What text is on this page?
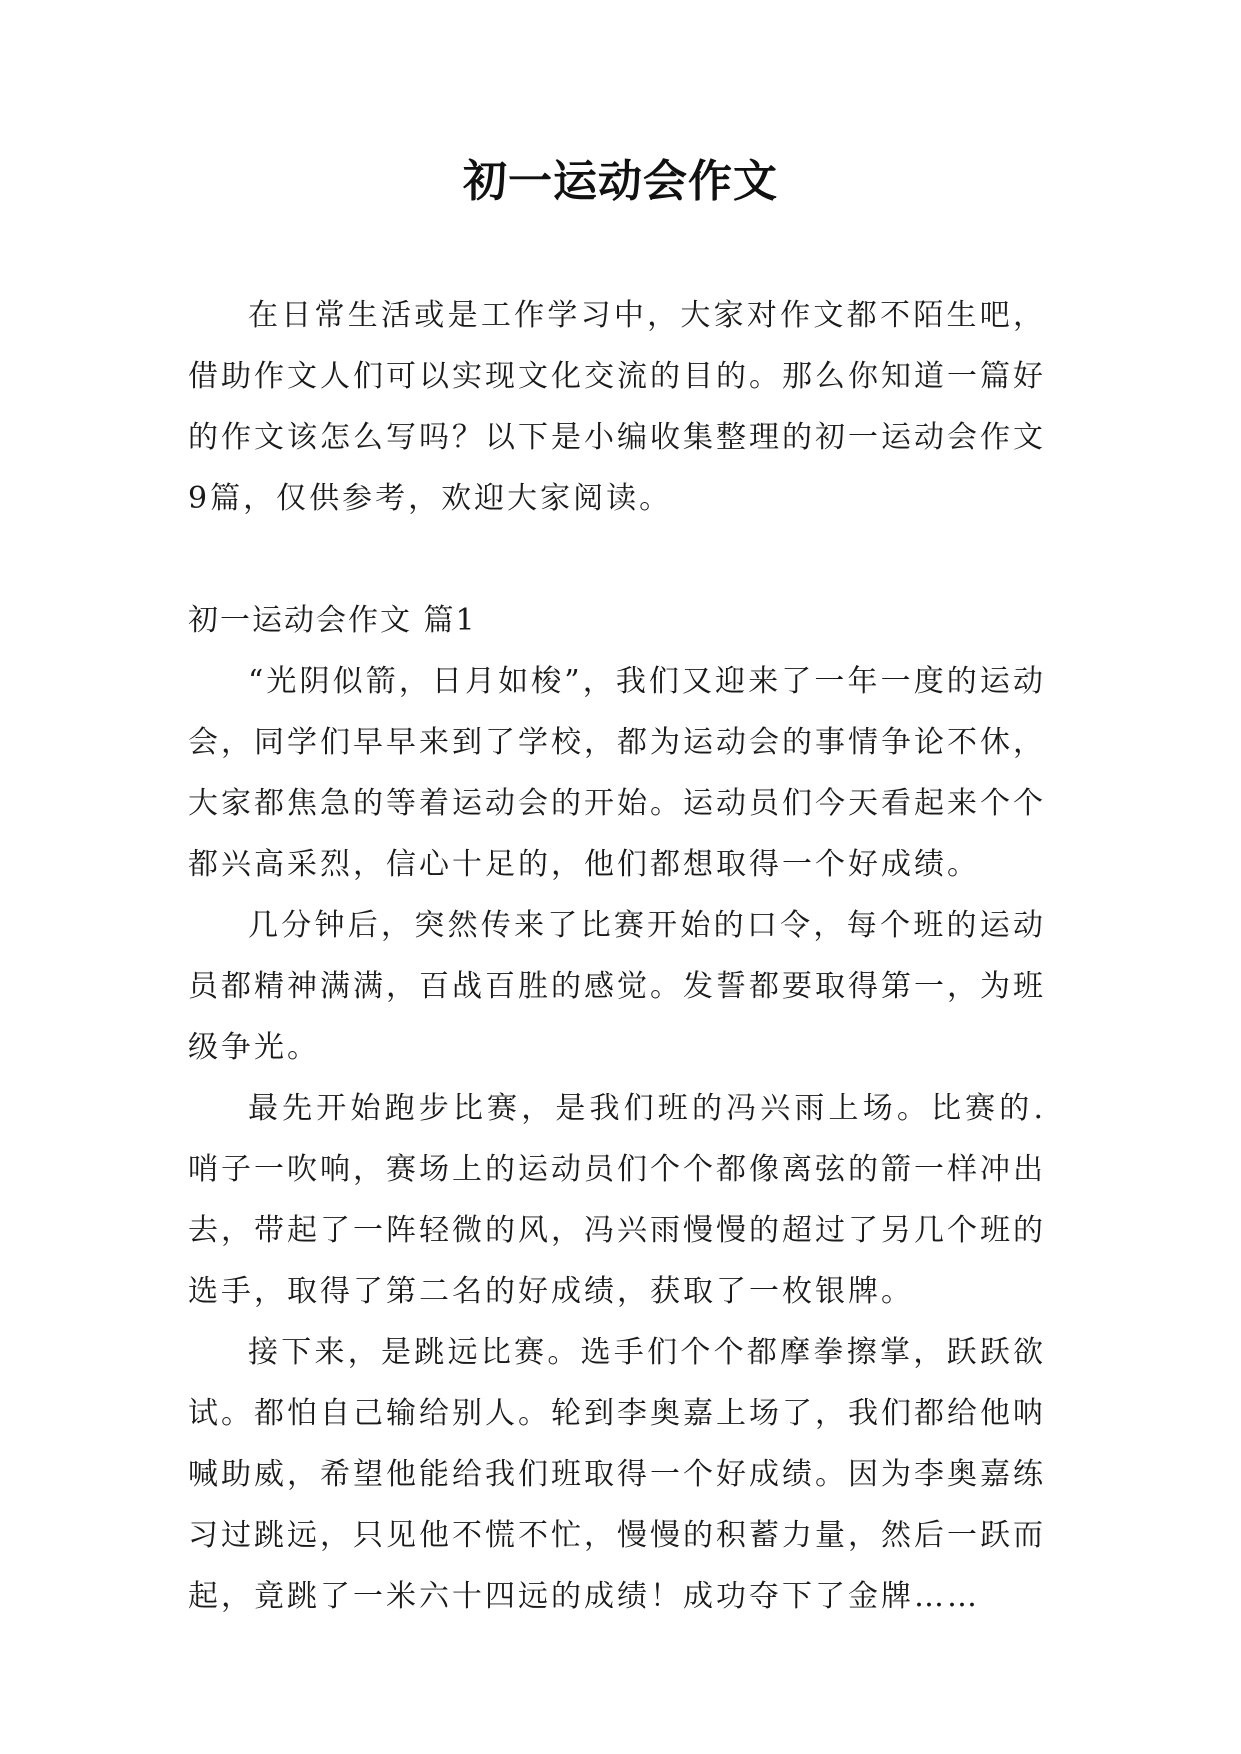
初一运动会作文

在日常生活或是工作学习中，大家对作文都不陌生吧，借助作文人们可以实现文化交流的目的。那么你知道一篇好的作文该怎么写吗？以下是小编收集整理的初一运动会作文9篇，仅供参考，欢迎大家阅读。

初一运动会作文 篇1

“光阴似箭，日月如梭”，我们又迎来了一年一度的运动会，同学们早早来到了学校，都为运动会的事情争论不休，大家都焦急的等着运动会的开始。运动员们今天看起来个个都兴高采烈，信心十足的，他们都想取得一个好成绩。

几分钟后，突然传来了比赛开始的口令，每个班的运动员都精神满满，百战百胜的感觉。发誓都要取得第一，为班级争光。

最先开始跑步比赛，是我们班的冯兴雨上场。比赛的.哨子一吹响，赛场上的运动员们个个都像离弦的箭一样冲出去，带起了一阵轻微的风，冯兴雨慢慢的超过了另几个班的选手，取得了第二名的好成绩，获取了一枚银牌。

接下来，是跳远比赛。选手们个个都摩拳擦掌，跃跃欲试。都怕自己输给别人。轮到李奥嘉上场了，我们都给他呐喊助威，希望他能给我们班取得一个好成绩。因为李奥嘉练习过跳远，只见他不慌不忙，慢慢的积蓄力量，然后一跃而起，竟跳了一米六十四远的成绩！成功夺下了金牌……
